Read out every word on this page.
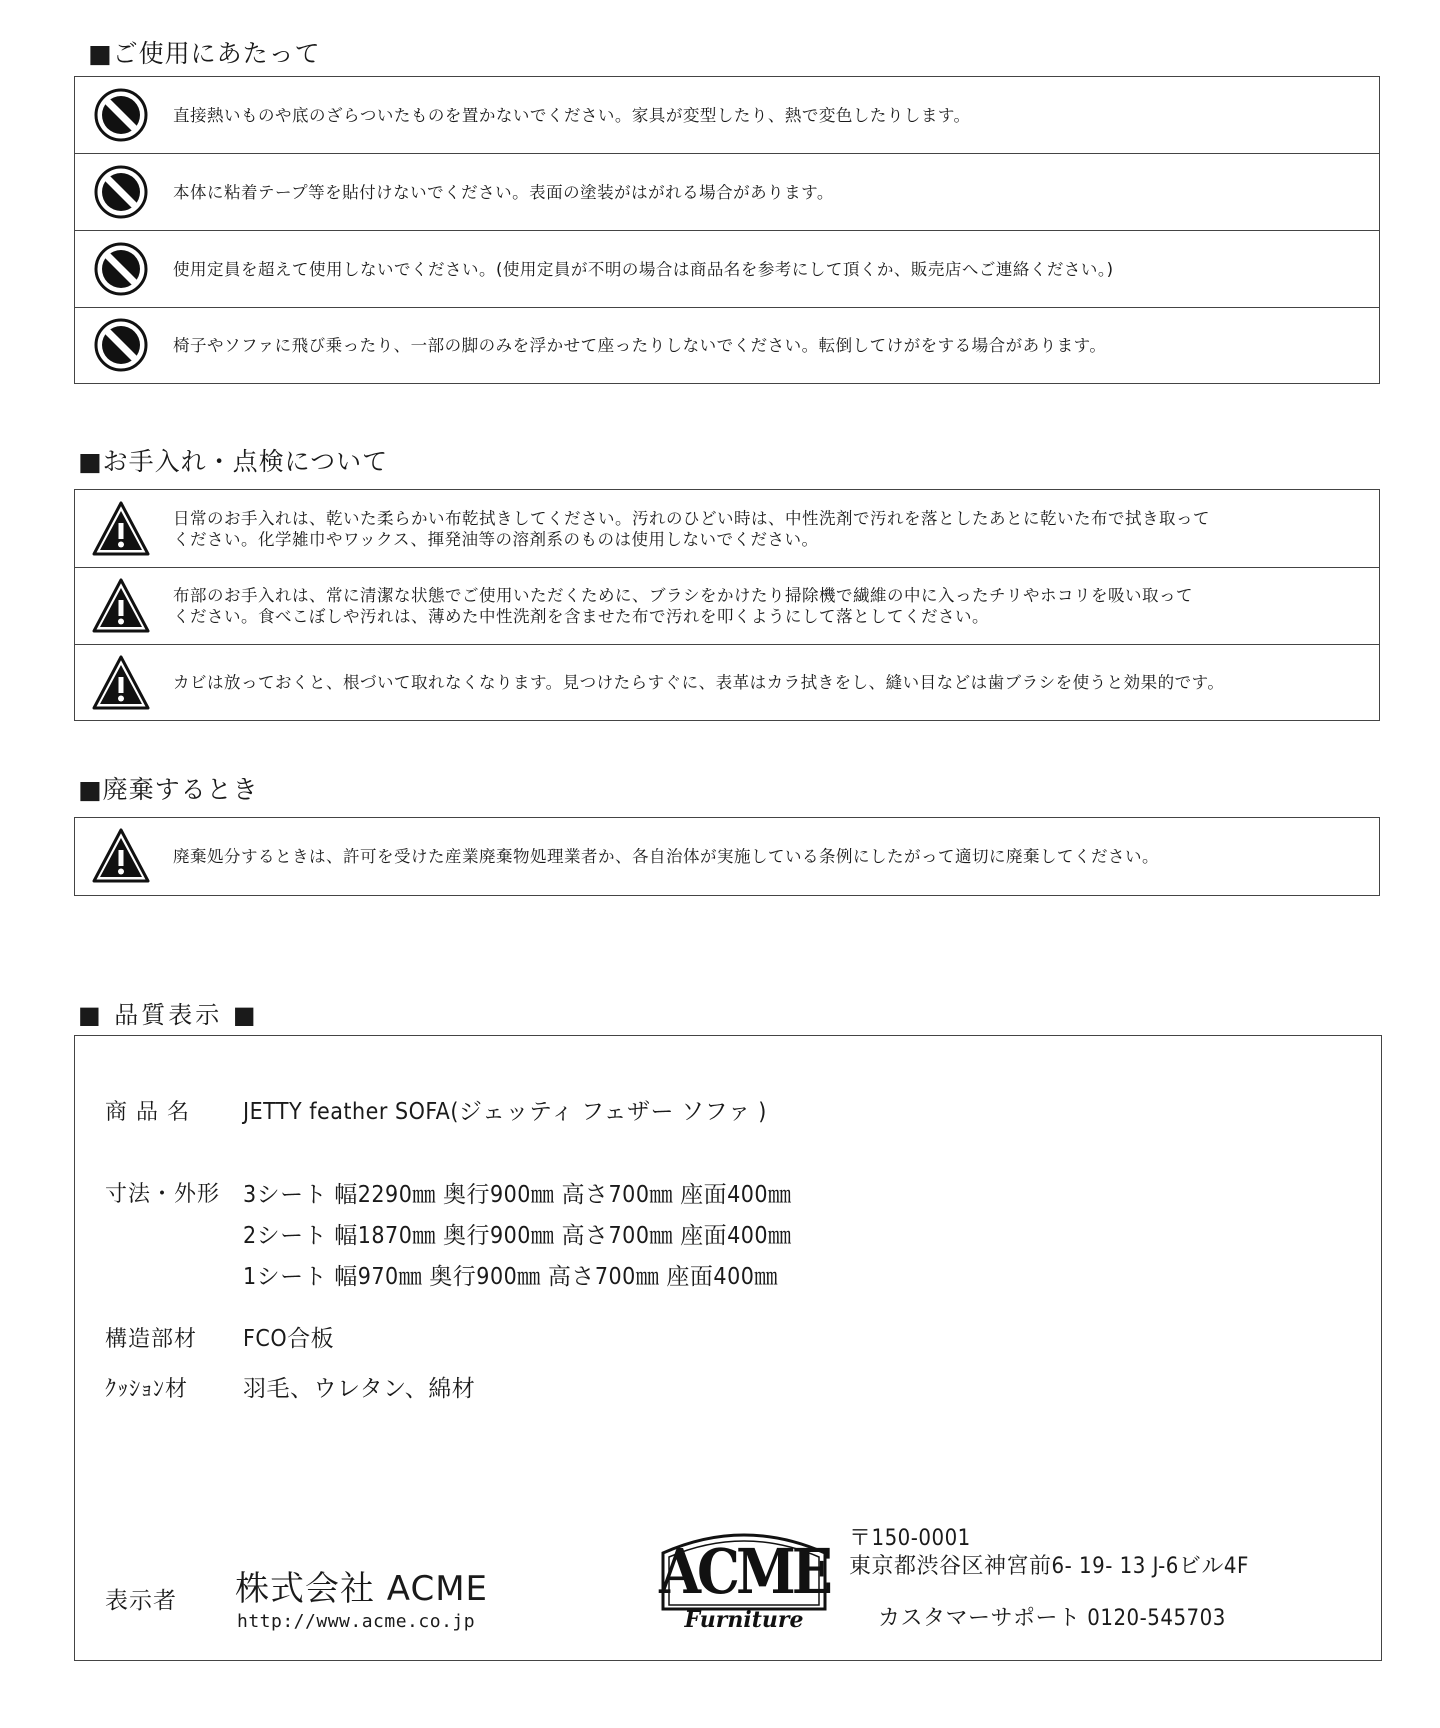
■ご使用にあたって
直接熱いものや底のざらついたものを置かないでください。家具が変型したり、熱で変色したりします。
本体に粘着テープ等を貼付けないでください。表面の塗装がはがれる場合があります。
使用定員を超えて使用しないでください。(使用定員が不明の場合は商品名を参考にして頂くか、販売店へご連絡ください。)
椅子やソファに飛び乗ったり、一部の脚のみを浮かせて座ったりしないでください。転倒してけがをする場合があります。
■お手入れ・点検について
日常のお手入れは、乾いた柔らかい布乾拭きしてください。汚れのひどい時は、中性洗剤で汚れを落としたあとに乾いた布で拭き取って
ください。化学雑巾やワックス、揮発油等の溶剤系のものは使用しないでください。
布部のお手入れは、常に清潔な状態でご使用いただくために、ブラシをかけたり掃除機で繊維の中に入ったチリやホコリを吸い取って
ください。食べこぼしや汚れは、薄めた中性洗剤を含ませた布で汚れを叩くようにして落としてください。
カビは放っておくと、根づいて取れなくなります。見つけたらすぐに、表革はカラ拭きをし、縫い目などは歯ブラシを使うと効果的です。
■廃棄するとき
廃棄処分するときは、許可を受けた産業廃棄物処理業者か、各自治体が実施している条例にしたがって適切に廃棄してください。
■ 品質表示 ■
商 品 名 JETTY feather SOFA(ジェッティ フェザー ソファ )
寸法・外形 3シート 幅2290㎜ 奥行900㎜ 高さ700㎜ 座面400㎜
2シート 幅1870㎜ 奥行900㎜ 高さ700㎜ 座面400㎜
1シート 幅970㎜ 奥行900㎜ 高さ700㎜ 座面400㎜
構造部材 FCO合板
ｸｯｼｮﾝ材 羽毛、ウレタン、綿材
表示者 株式会社 ACME
http://www.acme.co.jp
ACME
Furniture
〒150-0001
東京都渋谷区神宮前6- 19- 13 J-6ビル4F
カスタマーサポート 0120-545703
